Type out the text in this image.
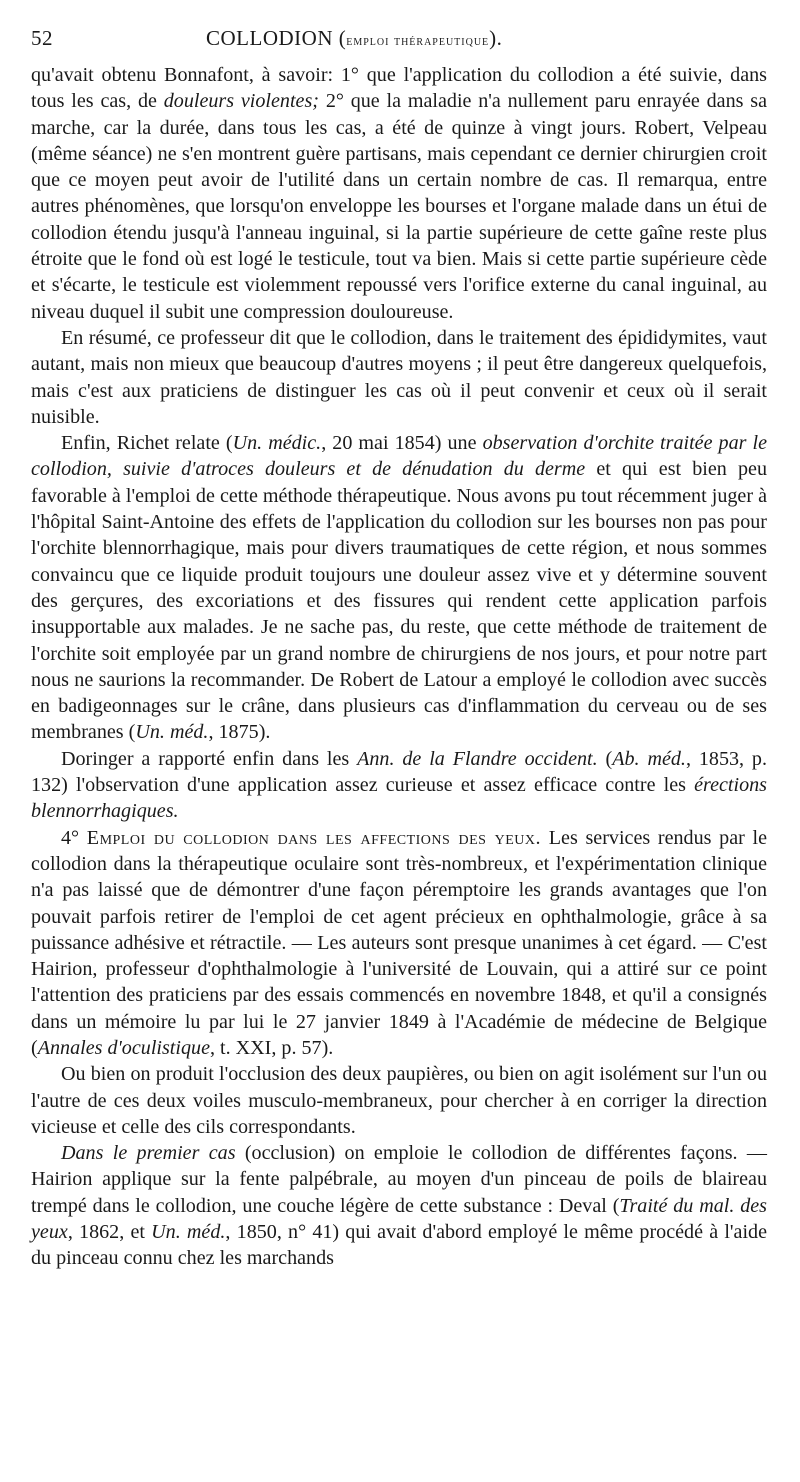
52	COLLODION (emploi thérapeutique).

qu'avait obtenu Bonnafont, à savoir: 1° que l'application du collodion a été suivie, dans tous les cas, de douleurs violentes; 2° que la maladie n'a nullement paru enrayée dans sa marche, car la durée, dans tous les cas, a été de quinze à vingt jours. Robert, Velpeau (même séance) ne s'en montrent guère partisans, mais cependant ce dernier chirurgien croit que ce moyen peut avoir de l'utilité dans un certain nombre de cas. Il remarqua, entre autres phénomènes, que lorsqu'on enveloppe les bourses et l'organe malade dans un étui de collodion étendu jusqu'à l'anneau inguinal, si la partie supérieure de cette gaîne reste plus étroite que le fond où est logé le testicule, tout va bien. Mais si cette partie supérieure cède et s'écarte, le testicule est violemment repoussé vers l'orifice externe du canal inguinal, au niveau duquel il subit une compression douloureuse.

En résumé, ce professeur dit que le collodion, dans le traitement des épididymites, vaut autant, mais non mieux que beaucoup d'autres moyens ; il peut être dangereux quelquefois, mais c'est aux praticiens de distinguer les cas où il peut convenir et ceux où il serait nuisible.

Enfin, Richet relate (Un. médic., 20 mai 1854) une observation d'orchite traitée par le collodion, suivie d'atroces douleurs et de dénudation du derme et qui est bien peu favorable à l'emploi de cette méthode thérapeutique. Nous avons pu tout récemment juger à l'hôpital Saint-Antoine des effets de l'application du collodion sur les bourses non pas pour l'orchite blennorrhagique, mais pour divers traumatiques de cette région, et nous sommes convaincu que ce liquide produit toujours une douleur assez vive et y détermine souvent des gerçures, des excoriations et des fissures qui rendent cette application parfois insupportable aux malades. Je ne sache pas, du reste, que cette méthode de traitement de l'orchite soit employée par un grand nombre de chirurgiens de nos jours, et pour notre part nous ne saurions la recommander. De Robert de Latour a employé le collodion avec succès en badigeonnages sur le crâne, dans plusieurs cas d'inflammation du cerveau ou de ses membranes (Un. méd., 1875).

Doringer a rapporté enfin dans les Ann. de la Flandre occident. (Ab. méd., 1853, p. 132) l'observation d'une application assez curieuse et assez efficace contre les érections blennorrhagiques.

4° Emploi du collodion dans les affections des yeux. Les services rendus par le collodion dans la thérapeutique oculaire sont très-nombreux, et l'expérimentation clinique n'a pas laissé que de démontrer d'une façon péremptoire les grands avantages que l'on pouvait parfois retirer de l'emploi de cet agent précieux en ophthalmologie, grâce à sa puissance adhésive et rétractile. — Les auteurs sont presque unanimes à cet égard. — C'est Hairion, professeur d'ophthalmologie à l'université de Louvain, qui a attiré sur ce point l'attention des praticiens par des essais commencés en novembre 1848, et qu'il a consignés dans un mémoire lu par lui le 27 janvier 1849 à l'Académie de médecine de Belgique (Annales d'oculistique, t. XXI, p. 57).

Ou bien on produit l'occlusion des deux paupières, ou bien on agit isolément sur l'un ou l'autre de ces deux voiles musculo-membraneux, pour chercher à en corriger la direction vicieuse et celle des cils correspondants.

Dans le premier cas (occlusion) on emploie le collodion de différentes façons. — Hairion applique sur la fente palpébrale, au moyen d'un pinceau de poils de blaireau trempé dans le collodion, une couche légère de cette substance : Deval (Traité du mal. des yeux, 1862, et Un. méd., 1850, n° 41) qui avait d'abord employé le même procédé à l'aide du pinceau connu chez les marchands
